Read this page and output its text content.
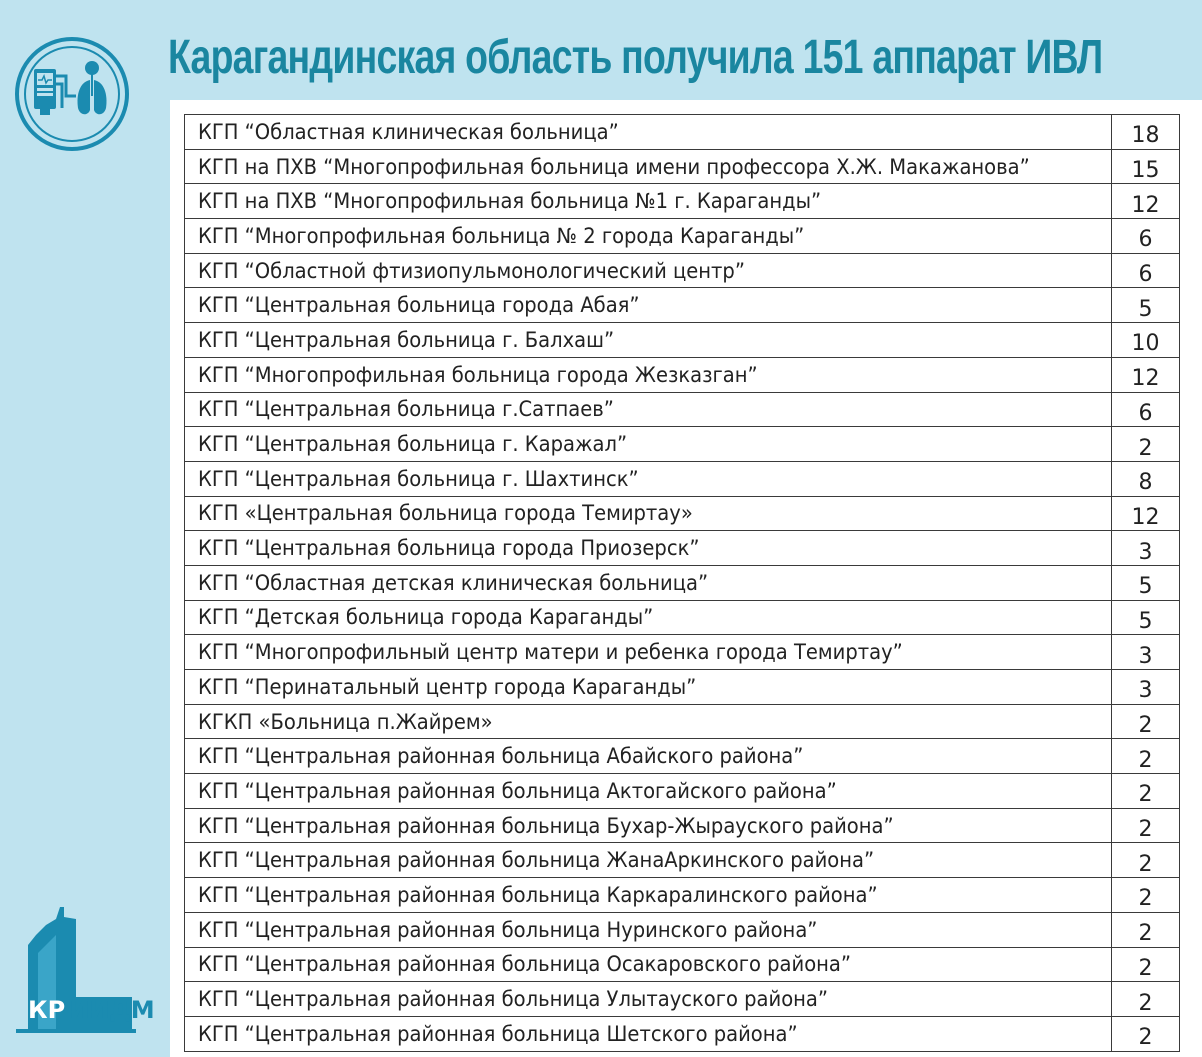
Карагандинская область получила 151 аппарат ИВЛ
КГП “Областная клиническая больница”	18
КГП на ПХВ “Многопрофильная больница имени профессора Х.Ж. Макажанова”	15
КГП на ПХВ “Многопрофильная больница №1 г. Караганды”	12
КГП “Многопрофильная больница № 2 города Караганды”	6
КГП “Областной фтизиопульмонологический центр”	6
КГП “Центральная больница города Абая”	5
КГП “Центральная больница г. Балхаш”	10
КГП “Многопрофильная больница города Жезказган”	12
КГП “Центральная больница г.Сатпаев”	6
КГП “Центральная больница г. Каражал”	2
КГП “Центральная больница г. Шахтинск”	8
КГП «Центральная больница города Темиртау»	12
КГП “Центральная больница города Приозерск”	3
КГП “Областная детская клиническая больница”	5
КГП “Детская больница города Караганды”	5
КГП “Многопрофильный центр матери и ребенка города Темиртау”	3
КГП “Перинатальный центр города Караганды”	3
КГКП «Больница п.Жайрем»	2
КГП “Центральная районная больница Абайского района”	2
КГП “Центральная районная больница Актогайского района”	2
КГП “Центральная районная больница Бухар-Жырауского района”	2
КГП “Центральная районная больница ЖанаАркинского района”	2
КГП “Центральная районная больница Каркаралинского района”	2
КГП “Центральная районная больница Нуринского района”	2
КГП “Центральная районная больница Осакаровского района”	2
КГП “Центральная районная больница Улытауского района”	2
КГП “Центральная районная больница Шетского района”	2
КР ИИДМ
